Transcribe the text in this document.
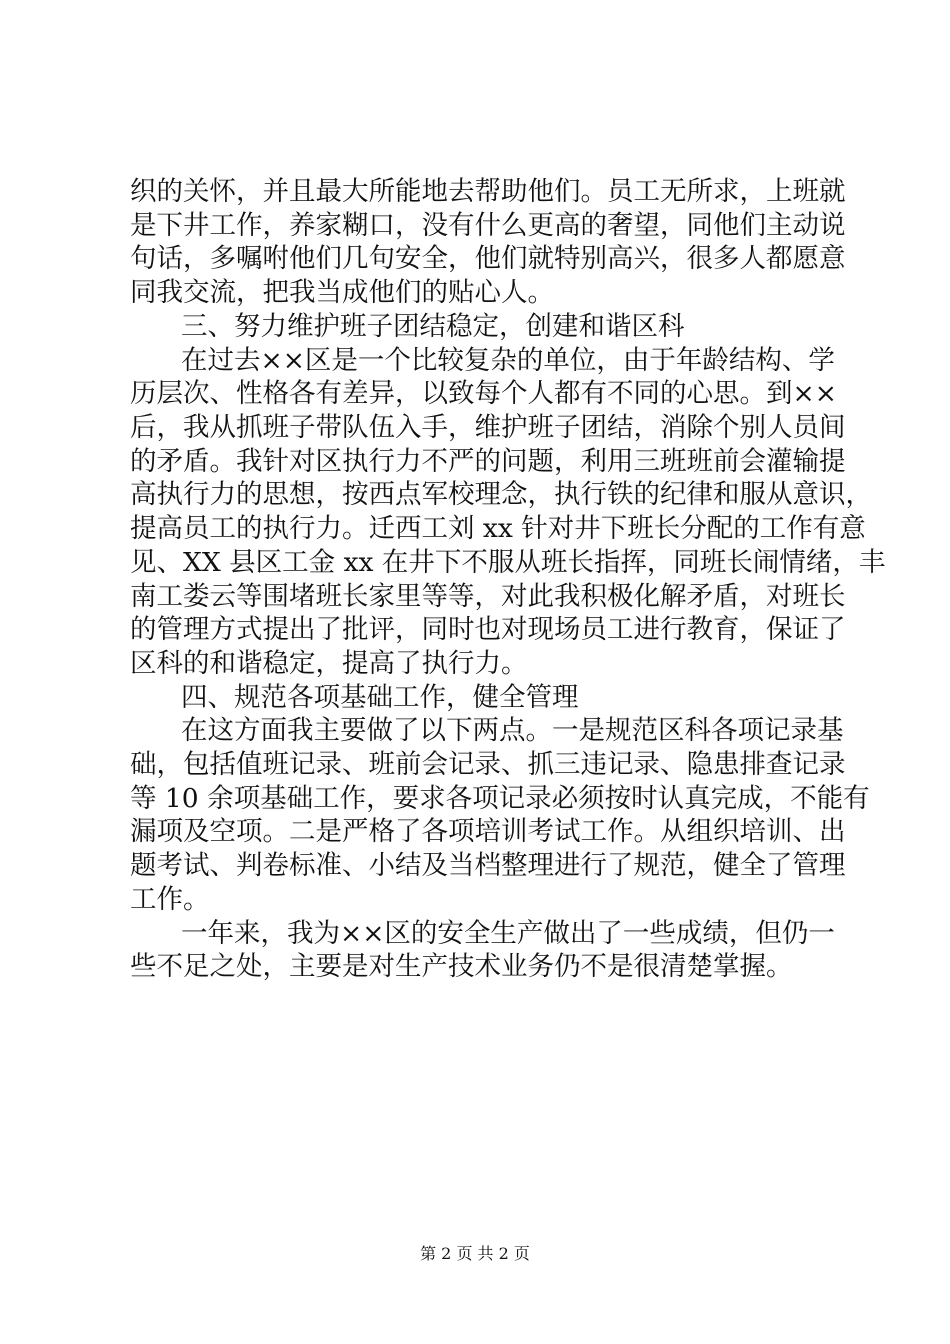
织的关怀，并且最大所能地去帮助他们。员工无所求，上班就
是下井工作，养家糊口，没有什么更高的奢望，同他们主动说
句话，多嘱咐他们几句安全，他们就特别高兴，很多人都愿意
同我交流，把我当成他们的贴心人。
三、努力维护班子团结稳定，创建和谐区科
在过去××区是一个比较复杂的单位，由于年龄结构、学
历层次、性格各有差异，以致每个人都有不同的心思。到××
后，我从抓班子带队伍入手，维护班子团结，消除个别人员间
的矛盾。我针对区执行力不严的问题，利用三班班前会灌输提
高执行力的思想，按西点军校理念，执行铁的纪律和服从意识，
提高员工的执行力。迁西工刘 xx 针对井下班长分配的工作有意
见、XX 县区工金 xx 在井下不服从班长指挥，同班长闹情绪，丰
南工娄云等围堵班长家里等等，对此我积极化解矛盾，对班长
的管理方式提出了批评，同时也对现场员工进行教育，保证了
区科的和谐稳定，提高了执行力。
四、规范各项基础工作，健全管理
在这方面我主要做了以下两点。一是规范区科各项记录基
础，包括值班记录、班前会记录、抓三违记录、隐患排查记录
等 10 余项基础工作，要求各项记录必须按时认真完成，不能有
漏项及空项。二是严格了各项培训考试工作。从组织培训、出
题考试、判卷标准、小结及当档整理进行了规范，健全了管理
工作。
一年来，我为××区的安全生产做出了一些成绩，但仍一
些不足之处，主要是对生产技术业务仍不是很清楚掌握。
第 2 页 共 2 页
